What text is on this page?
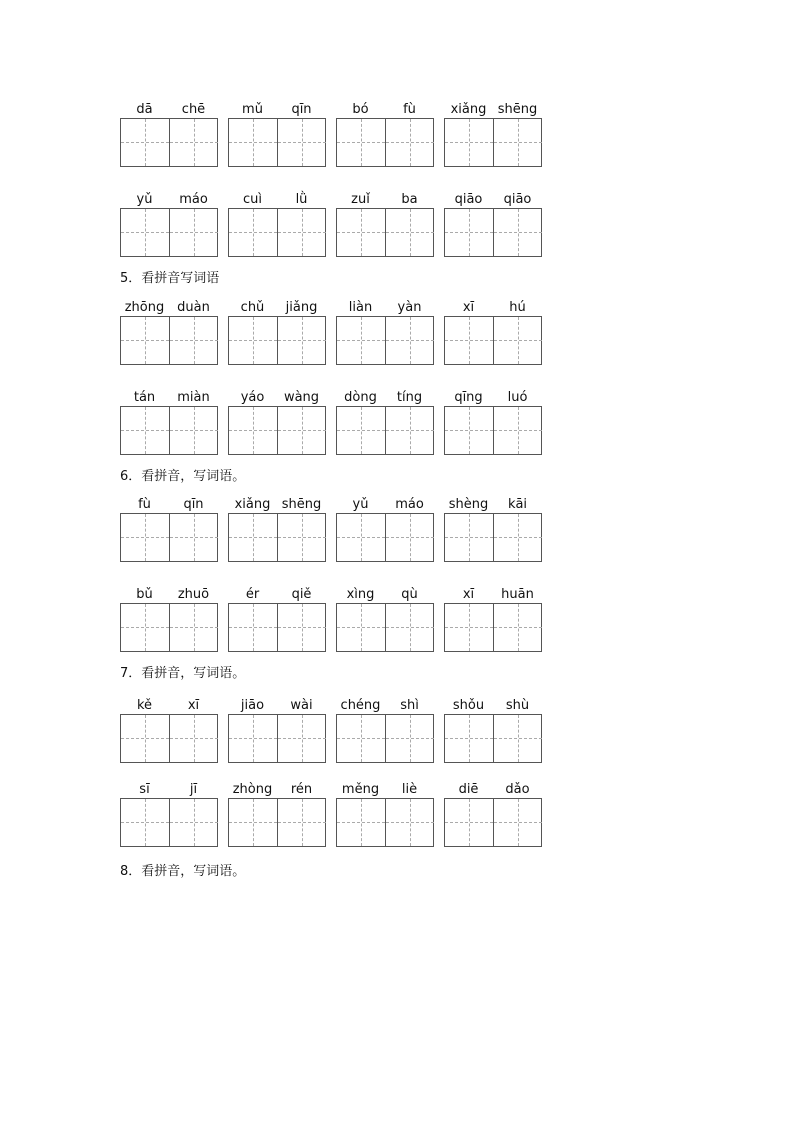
dā	chē	mǔ	qīn	bó	fù	xiǎng shēng
yǔ	máo	cuì	lǜ	zuǐ	ba	qiāo	qiāo
5．看拼音写词语
zhōng duàn	chǔ	jiǎng	liàn	yàn	xī	hú
tán	miàn	yáo	wàng	dòng	tíng	qīng	luó
6．看拼音，写词语。
fù	qīn	xiǎng shēng	yǔ	máo	shèng	kāi
bǔ	zhuō	ér	qiě	xìng	qù	xī	huān
7．看拼音，写词语。
kě	xī	jiāo	wài	chéng	shì	shǒu	shù
sī	jī	zhòng	rén	měng	liè	diē	dǎo
8．看拼音，写词语。
